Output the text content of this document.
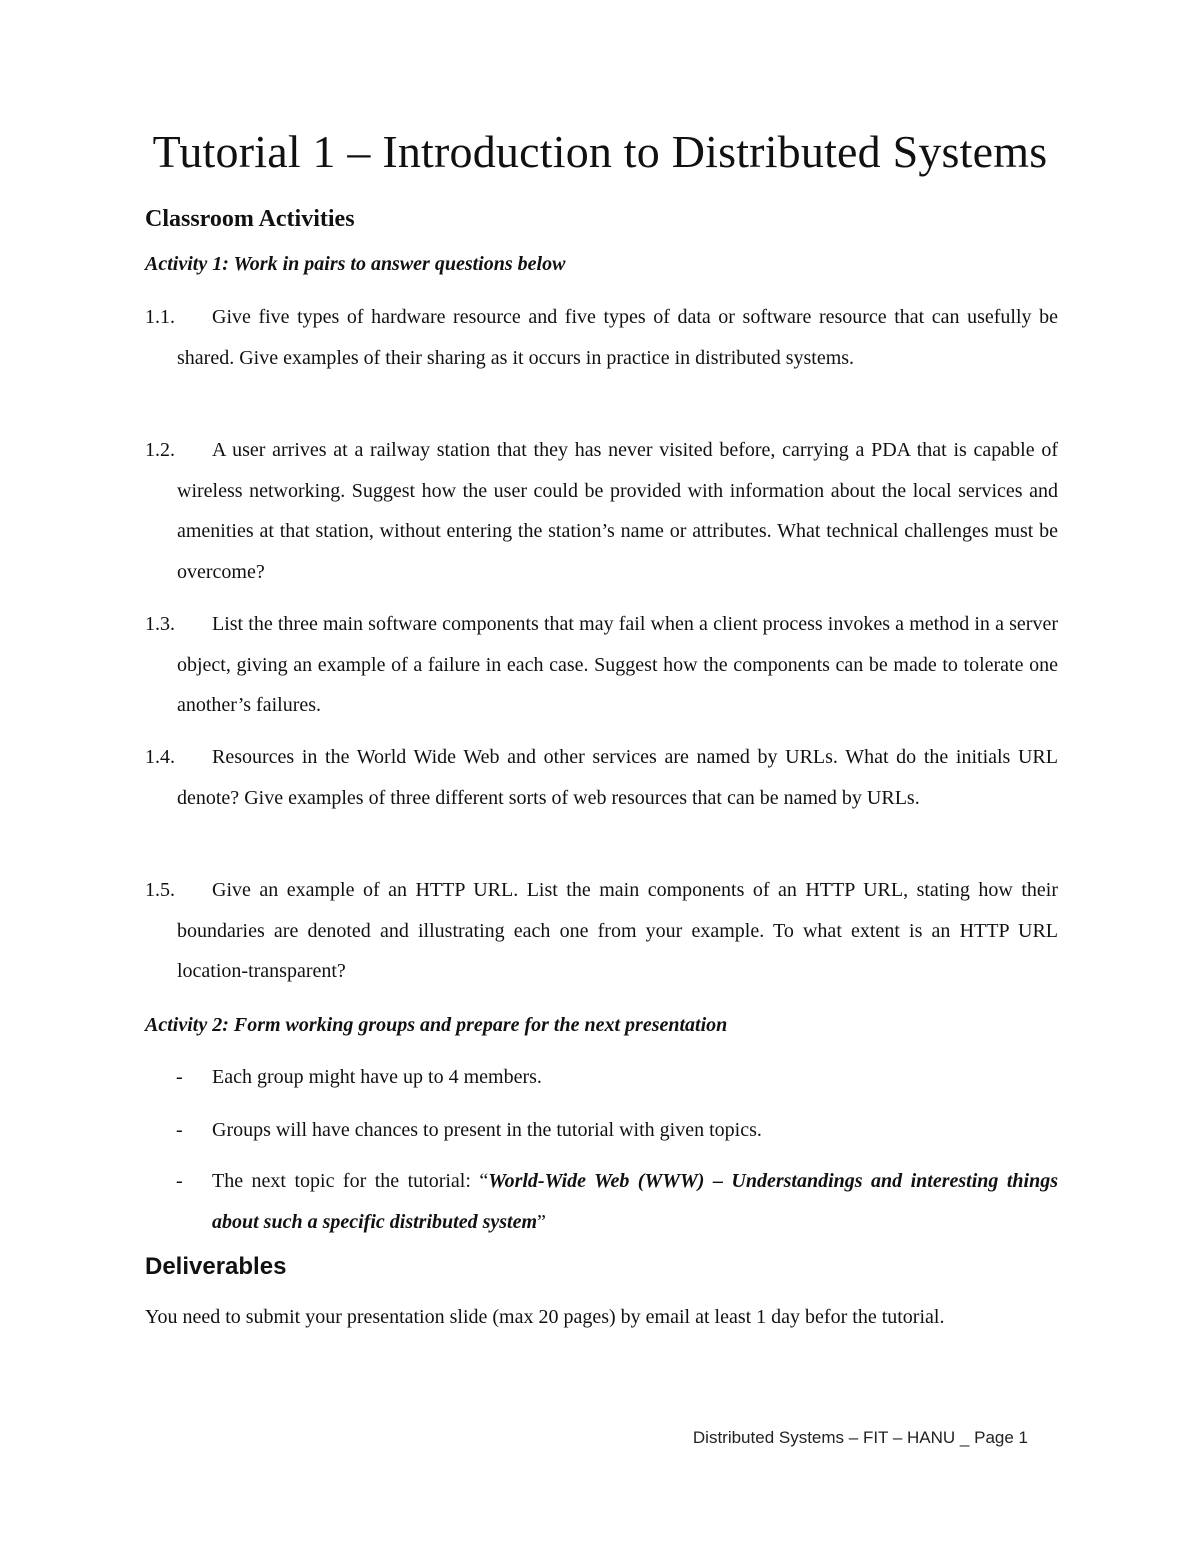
Tutorial 1 – Introduction to Distributed Systems
Classroom Activities
Activity 1: Work in pairs to answer questions below
1.1.	Give five types of hardware resource and five types of data or software resource that can usefully be shared. Give examples of their sharing as it occurs in practice in distributed systems.
1.2.	A user arrives at a railway station that they has never visited before, carrying a PDA that is capable of wireless networking. Suggest how the user could be provided with information about the local services and amenities at that station, without entering the station’s name or attributes. What technical challenges must be overcome?
1.3.	List the three main software components that may fail when a client process invokes a method in a server object, giving an example of a failure in each case. Suggest how the components can be made to tolerate one another’s failures.
1.4.	Resources in the World Wide Web and other services are named by URLs. What do the initials URL denote? Give examples of three different sorts of web resources that can be named by URLs.
1.5.	Give an example of an HTTP URL. List the main components of an HTTP URL, stating how their boundaries are denoted and illustrating each one from your example. To what extent is an HTTP URL location-transparent?
Activity 2: Form working groups and prepare for the next presentation
- Each group might have up to 4 members.
- Groups will have chances to present in the tutorial with given topics.
- The next topic for the tutorial: “World-Wide Web (WWW) – Understandings and interesting things about such a specific distributed system”
Deliverables
You need to submit your presentation slide (max 20 pages) by email at least 1 day befor the tutorial.
Distributed Systems – FIT – HANU _ Page 1
